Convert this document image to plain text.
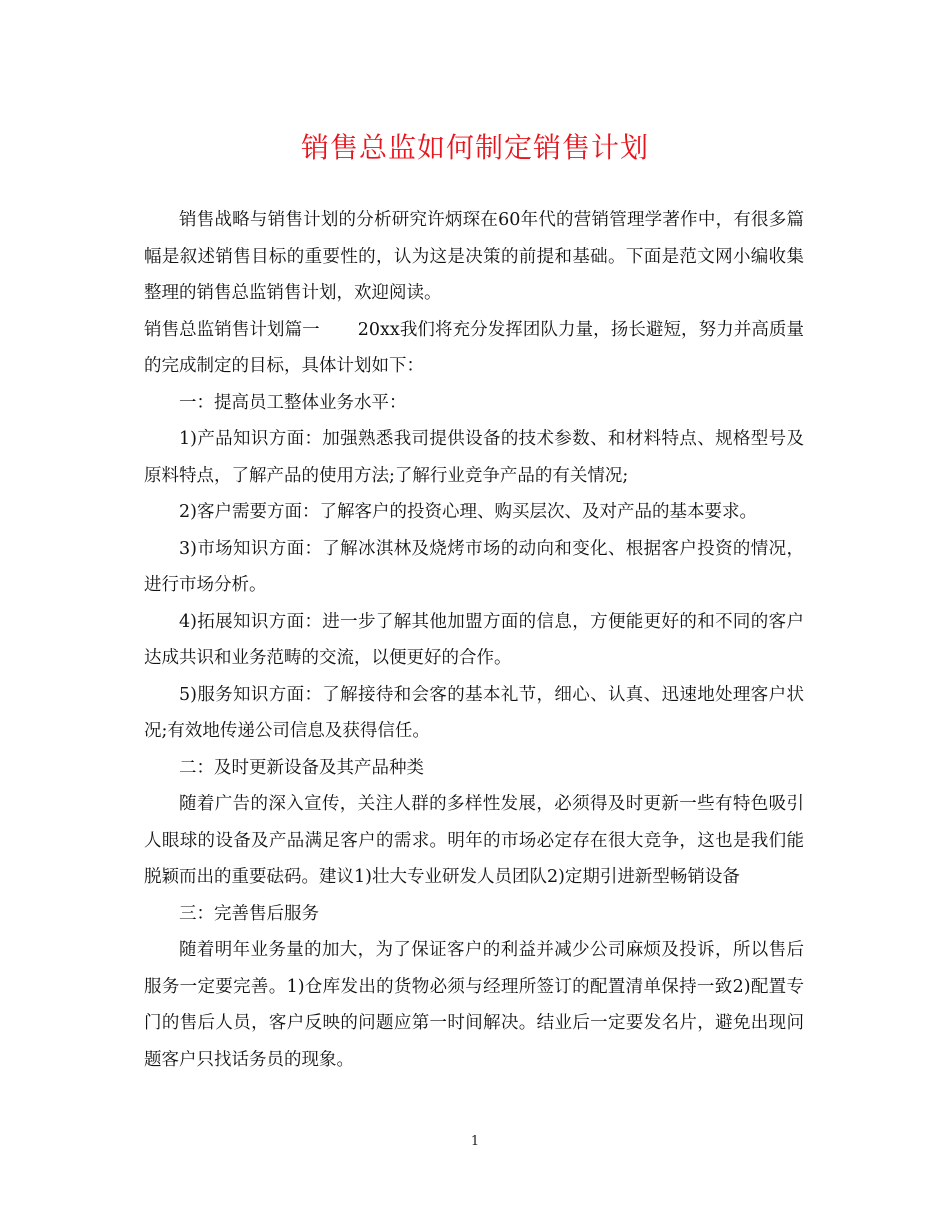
销售总监如何制定销售计划

销售战略与销售计划的分析研究许炳琛在60年代的营销管理学著作中，有很多篇幅是叙述销售目标的重要性的，认为这是决策的前提和基础。下面是范文网小编收集整理的销售总监销售计划，欢迎阅读。

销售总监销售计划篇一 20xx我们将充分发挥团队力量，扬长避短，努力并高质量的完成制定的目标，具体计划如下：

一：提高员工整体业务水平：

1)产品知识方面：加强熟悉我司提供设备的技术参数、和材料特点、规格型号及原料特点，了解产品的使用方法;了解行业竞争产品的有关情况;

2)客户需要方面：了解客户的投资心理、购买层次、及对产品的基本要求。

3)市场知识方面：了解冰淇林及烧烤市场的动向和变化、根据客户投资的情况，进行市场分析。

4)拓展知识方面：进一步了解其他加盟方面的信息，方便能更好的和不同的客户达成共识和业务范畴的交流，以便更好的合作。

5)服务知识方面：了解接待和会客的基本礼节，细心、认真、迅速地处理客户状况;有效地传递公司信息及获得信任。

二：及时更新设备及其产品种类

随着广告的深入宣传，关注人群的多样性发展，必须得及时更新一些有特色吸引人眼球的设备及产品满足客户的需求。明年的市场必定存在很大竞争，这也是我们能脱颖而出的重要砝码。建议1)壮大专业研发人员团队2)定期引进新型畅销设备

三：完善售后服务

随着明年业务量的加大，为了保证客户的利益并减少公司麻烦及投诉，所以售后服务一定要完善。1)仓库发出的货物必须与经理所签订的配置清单保持一致2)配置专门的售后人员，客户反映的问题应第一时间解决。结业后一定要发名片，避免出现问题客户只找话务员的现象。

1
